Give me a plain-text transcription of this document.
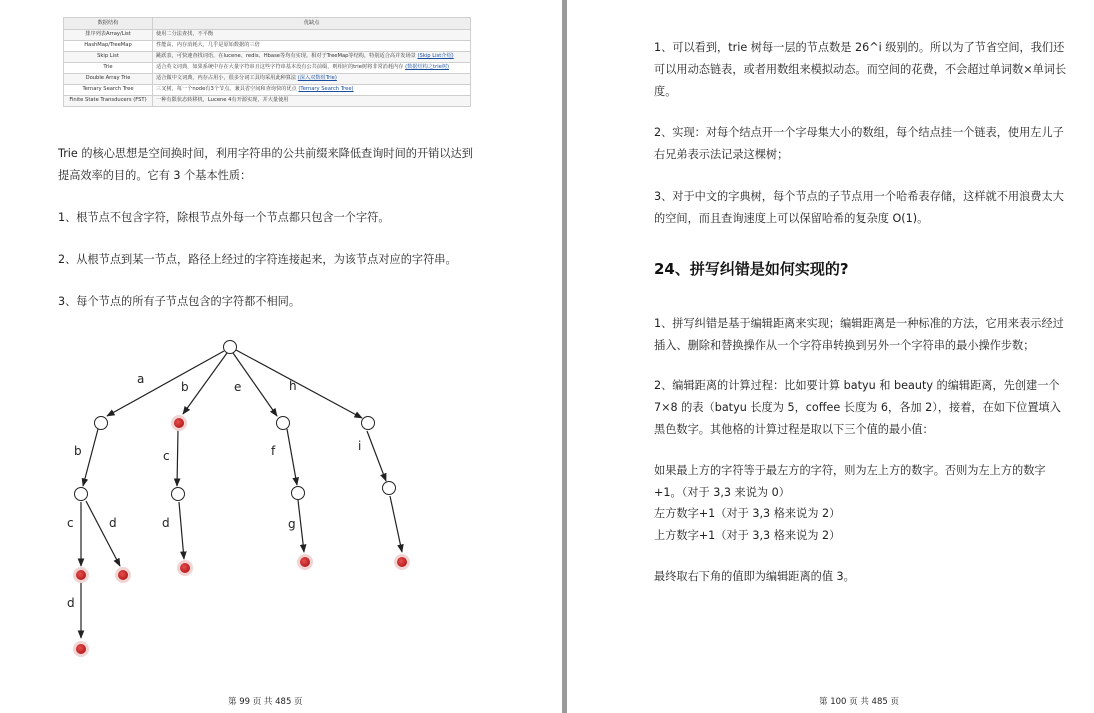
数据结构	优缺点
排序列表Array/List	使用二分法查找，不平衡
HashMap/TreeMap	性能高，内存消耗大，几乎是原始数据的三倍
Skip List	跳跃表，可快速查找词语，在lucene、redis、Hbase等均有实现。相对于TreeMap等结构，特别适合高并发场景 (Skip List介绍)
Trie	适合英文词典，如果系统中存在大量字符串且这些字符串基本没有公共前缀，则相应的trie树将非常消耗内存 (数据结构之trie树)
Double Array Trie	适合做中文词典，内存占用小，很多分词工具均采用此种算法 (深入双数组Trie)
Ternary Search Tree	三叉树，每一个node有3个节点，兼具省空间和查询快的优点 (Ternary Search Tree)
Finite State Transducers (FST)	一种有限状态转移机，Lucene 4有开源实现，并大量使用

Trie 的核心思想是空间换时间，利用字符串的公共前缀来降低查询时间的开销以达到提高效率的目的。它有 3 个基本性质：

1、根节点不包含字符，除根节点外每一个节点都只包含一个字符。

2、从根节点到某一节点，路径上经过的字符连接起来，为该节点对应的字符串。

3、每个节点的所有子节点包含的字符都不相同。

a
b	e	h
b	c	f	i
c	d	d	g
d
第 99 页 共 485 页

1、可以看到，trie 树每一层的节点数是 26^i 级别的。所以为了节省空间，我们还可以用动态链表，或者用数组来模拟动态。而空间的花费，不会超过单词数×单词长度。

2、实现：对每个结点开一个字母集大小的数组，每个结点挂一个链表，使用左儿子右兄弟表示法记录这棵树；

3、对于中文的字典树，每个节点的子节点用一个哈希表存储，这样就不用浪费太大的空间，而且查询速度上可以保留哈希的复杂度 O(1)。

24、拼写纠错是如何实现的?

1、拼写纠错是基于编辑距离来实现；编辑距离是一种标准的方法，它用来表示经过插入、删除和替换操作从一个字符串转换到另外一个字符串的最小操作步数；

2、编辑距离的计算过程：比如要计算 batyu 和 beauty 的编辑距离，先创建一个7×8 的表（batyu 长度为 5，coffee 长度为 6，各加 2），接着，在如下位置填入黑色数字。其他格的计算过程是取以下三个值的最小值：

如果最上方的字符等于最左方的字符，则为左上方的数字。否则为左上方的数字+1。（对于 3,3 来说为 0）
左方数字+1（对于 3,3 格来说为 2）
上方数字+1（对于 3,3 格来说为 2）

最终取右下角的值即为编辑距离的值 3。

第 100 页 共 485 页
